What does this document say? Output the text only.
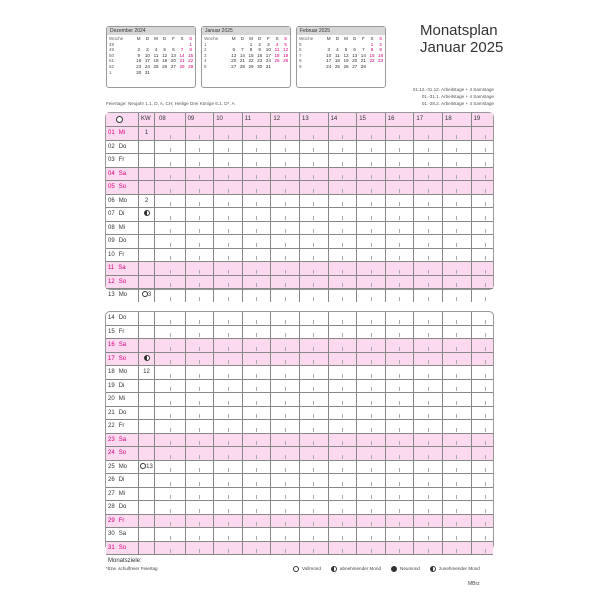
Dezember 2024
Woche	M	D	M	D	F	S	S
48							1
49	2	3	4	5	6	7	8
50	9	10	11	12	13	14	15
51	16	17	18	19	20	21	22
52	23	24	25	26	27	28	29
1	30	31					
Januar 2025
Woche	M	D	M	D	F	S	S
1			1	2	3	4	5
2	6	7	8	9	10	11	12
3	13	14	15	16	17	18	19
4	20	21	22	23	24	25	26
5	27	28	29	30	31		
Februar 2025
Woche	M	D	M	D	F	S	S
5						1	2
6	3	4	5	6	7	8	9
7	10	11	12	13	14	15	16
8	17	18	19	20	21	22	23
9	24	25	26	27	28		
Monatsplan
Januar 2025
01.12.-31.12. Arbeitstage + 4 Samstage
01.-31.1. Arbeitstage + 4 Samstage
01.-28.2. Arbeitstage + 4 Samstage
Feiertage: Neujahr 1.1. D, A, CH; Heilige Drei Könige 6.1. D*, A
KW 08	09	10	11	12	13	14	15	16	17	18	19
01 Mi	1
02 Do
03 Fr
04 Sa
05 So
06 Mo	2
07 Di
08 Mi
09 Do
10 Fr
11 Sa
12 So
13 Mo	3
14 Do
15 Fr
16 Sa
17 So
18 Mo	12
19 Di
20 Mi
21 Do
22 Fr
23 Sa
24 So
25 Mo	13
26 Di
27 Mi
28 Do
29 Fr
30 Sa
31 So
Monatsziele:
*bzw. schulfreier Feiertag	Vollmond	abnehmender Mond	Neumond	zunehmender Mond
MBrz
